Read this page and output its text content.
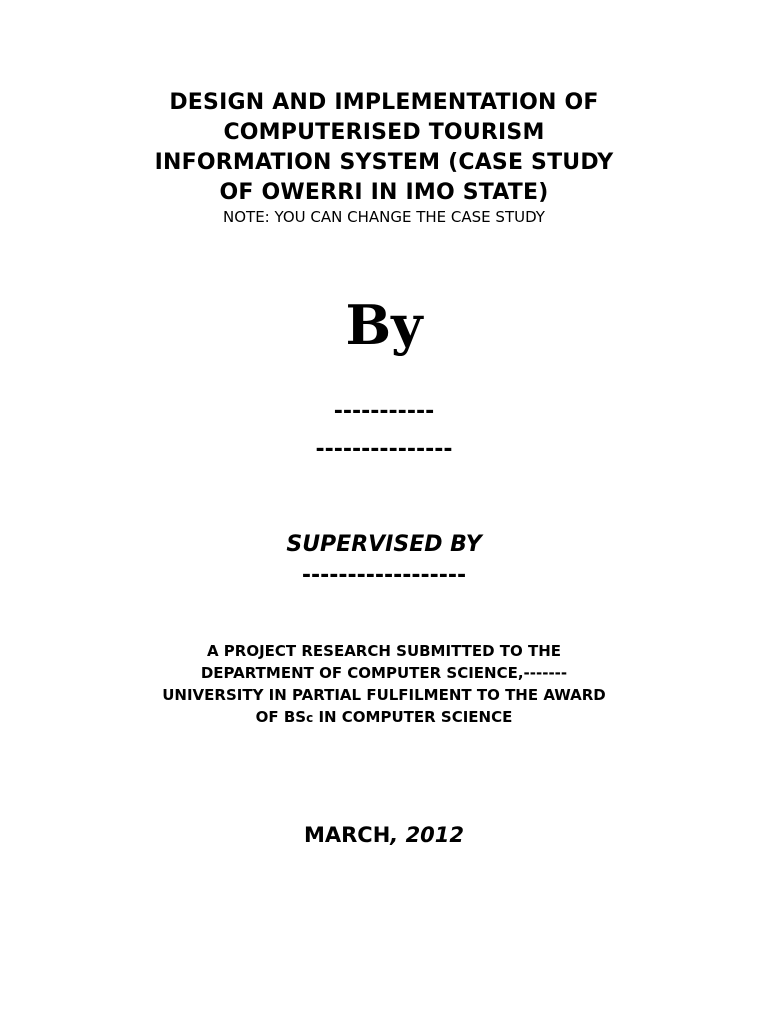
DESIGN AND IMPLEMENTATION OF
COMPUTERISED TOURISM
INFORMATION SYSTEM (CASE STUDY
OF OWERRI IN IMO STATE)
NOTE: YOU CAN CHANGE THE CASE STUDY
By
-----------
---------------
SUPERVISED BY
------------------
A PROJECT RESEARCH SUBMITTED TO THE
DEPARTMENT OF COMPUTER SCIENCE,-------
UNIVERSITY IN PARTIAL FULFILMENT TO THE AWARD
OF BSc IN COMPUTER SCIENCE
MARCH, 2012
